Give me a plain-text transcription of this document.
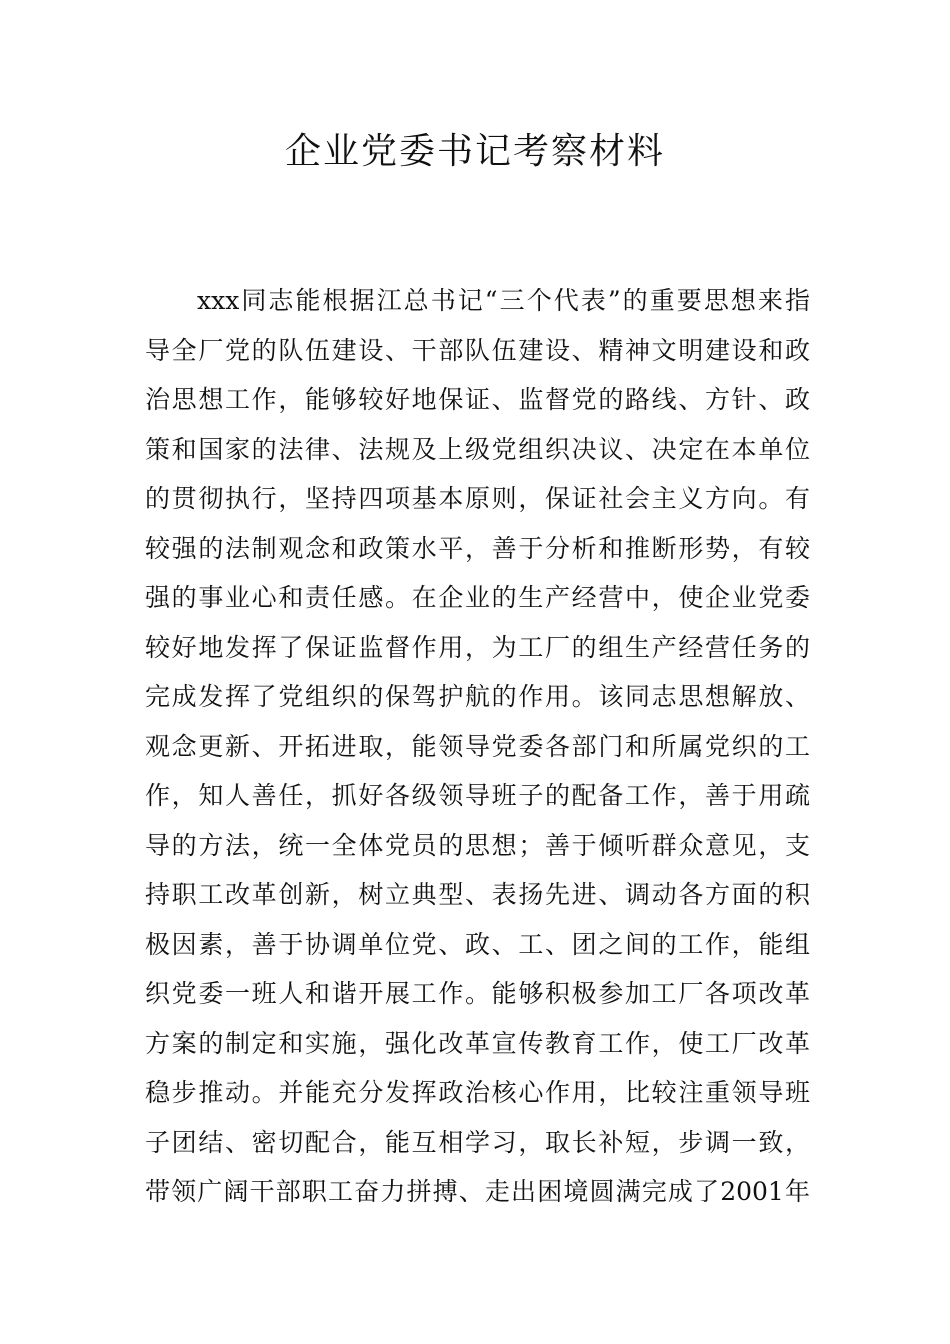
企业党委书记考察材料
xxx同志能根据江总书记“三个代表”的重要思想来指
导全厂党的队伍建设、干部队伍建设、精神文明建设和政
治思想工作，能够较好地保证、监督党的路线、方针、政
策和国家的法律、法规及上级党组织决议、决定在本单位
的贯彻执行，坚持四项基本原则，保证社会主义方向。有
较强的法制观念和政策水平，善于分析和推断形势，有较
强的事业心和责任感。在企业的生产经营中，使企业党委
较好地发挥了保证监督作用，为工厂的组生产经营任务的
完成发挥了党组织的保驾护航的作用。该同志思想解放、
观念更新、开拓进取，能领导党委各部门和所属党织的工
作，知人善任，抓好各级领导班子的配备工作，善于用疏
导的方法，统一全体党员的思想；善于倾听群众意见，支
持职工改革创新，树立典型、表扬先进、调动各方面的积
极因素，善于协调单位党、政、工、团之间的工作，能组
织党委一班人和谐开展工作。能够积极参加工厂各项改革
方案的制定和实施，强化改革宣传教育工作，使工厂改革
稳步推动。并能充分发挥政治核心作用，比较注重领导班
子团结、密切配合，能互相学习，取长补短，步调一致，
带领广阔干部职工奋力拼搏、走出困境圆满完成了2001年
